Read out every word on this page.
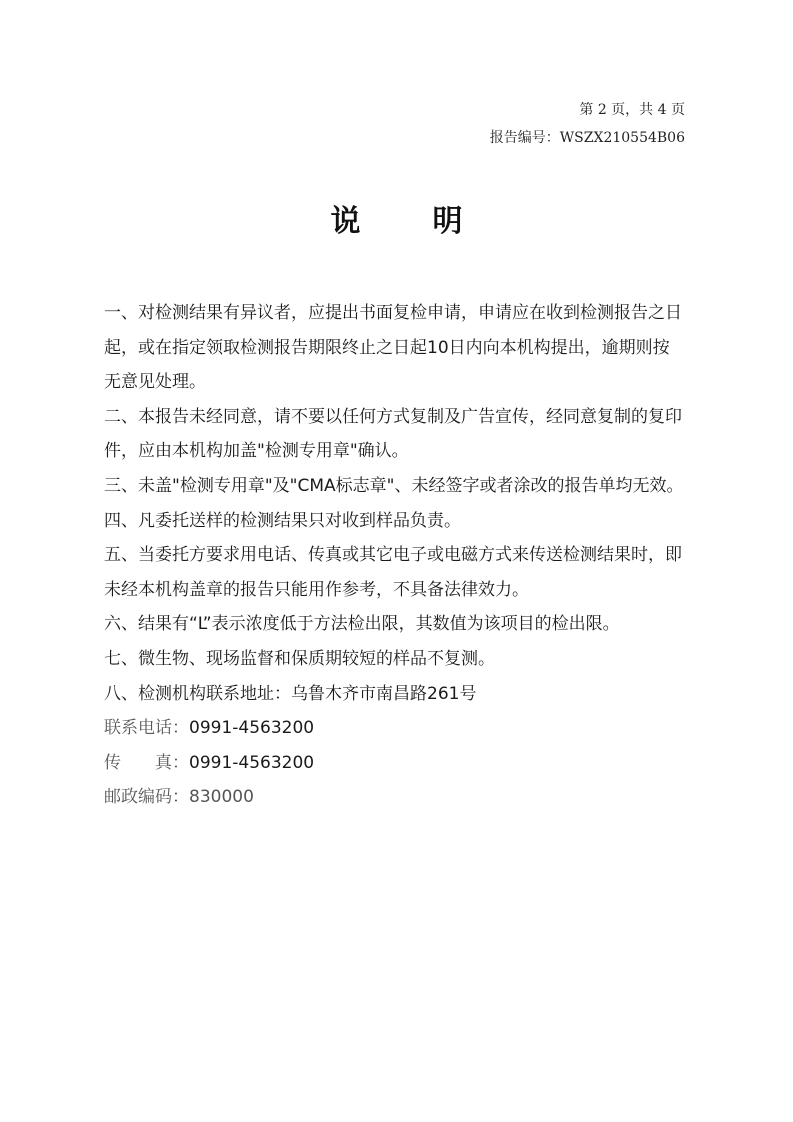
第 2 页，共 4 页
报告编号：WSZX210554B06
说明

一、对检测结果有异议者，应提出书面复检申请，申请应在收到检测报告之日起，或在指定领取检测报告期限终止之日起10日内向本机构提出，逾期则按无意见处理。

二、本报告未经同意，请不要以任何方式复制及广告宣传，经同意复制的复印件，应由本机构加盖"检测专用章"确认。

三、未盖"检测专用章"及"CMA标志章"、未经签字或者涂改的报告单均无效。

四、凡委托送样的检测结果只对收到样品负责。

五、当委托方要求用电话、传真或其它电子或电磁方式来传送检测结果时，即未经本机构盖章的报告只能用作参考，不具备法律效力。

六、结果有“L”表示浓度低于方法检出限，其数值为该项目的检出限。

七、微生物、现场监督和保质期较短的样品不复测。

八、检测机构联系地址：乌鲁木齐市南昌路261号

联系电话：0991-4563200

传 真：0991-4563200

邮政编码：830000
